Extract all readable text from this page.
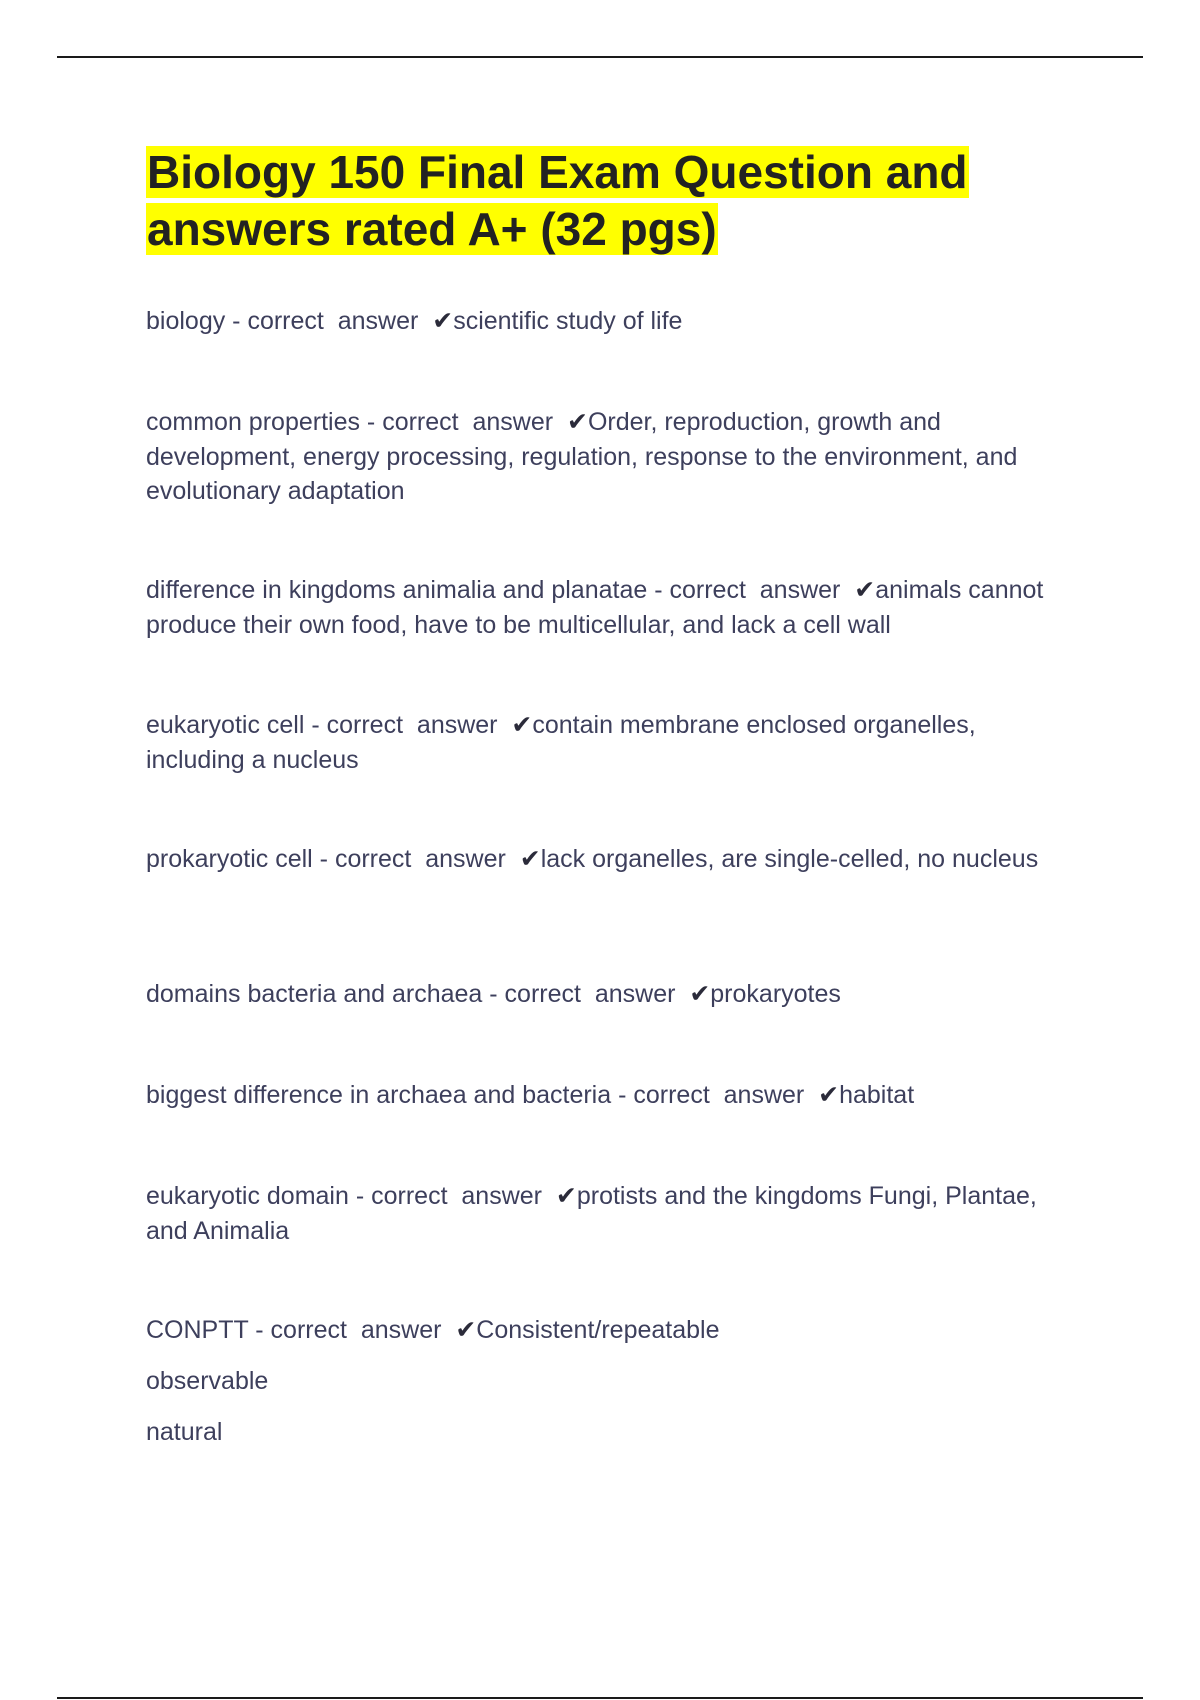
Biology 150 Final Exam Question and answers rated A+ (32 pgs)

biology - correct  answer  ✔scientific study of life

common properties - correct  answer  ✔Order, reproduction, growth and development, energy processing, regulation, response to the environment, and evolutionary adaptation

difference in kingdoms animalia and planatae - correct  answer  ✔animals cannot produce their own food, have to be multicellular, and lack a cell wall

eukaryotic cell - correct  answer  ✔contain membrane enclosed organelles, including a nucleus

prokaryotic cell - correct  answer  ✔lack organelles, are single-celled, no nucleus

domains bacteria and archaea - correct  answer  ✔prokaryotes

biggest difference in archaea and bacteria - correct  answer  ✔habitat

eukaryotic domain - correct  answer  ✔protists and the kingdoms Fungi, Plantae, and Animalia

CONPTT - correct  answer  ✔Consistent/repeatable

observable

natural
